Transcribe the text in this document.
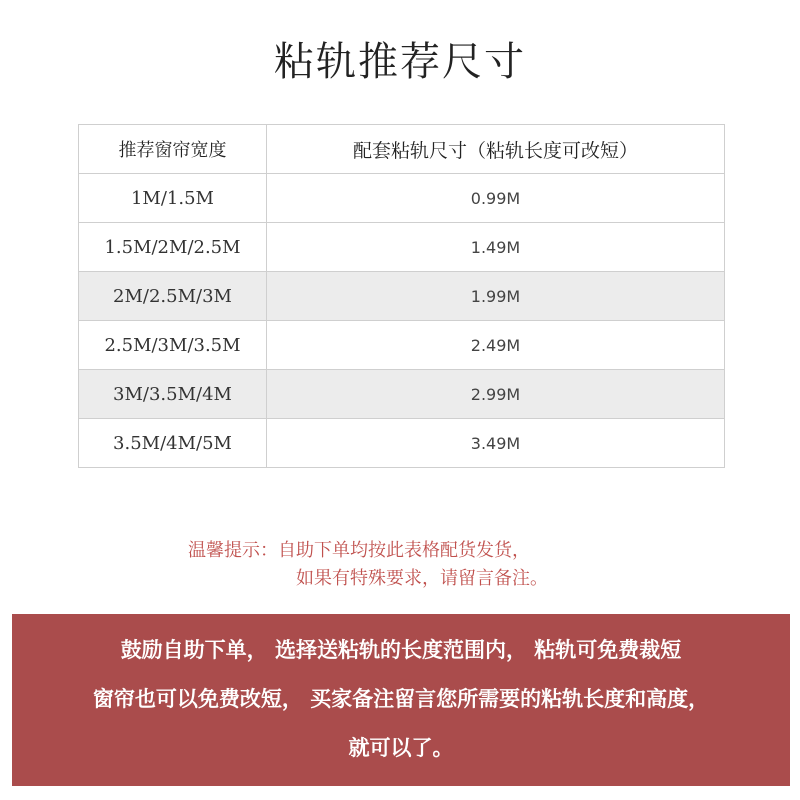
粘轨推荐尺寸
推荐窗帘宽度	配套粘轨尺寸（粘轨长度可改短）
1M/1.5M	0.99M
1.5M/2M/2.5M	1.49M
2M/2.5M/3M	1.99M
2.5M/3M/3.5M	2.49M
3M/3.5M/4M	2.99M
3.5M/4M/5M	3.49M
温馨提示：自助下单均按此表格配货发货，
如果有特殊要求，请留言备注。
鼓励自助下单， 选择送粘轨的长度范围内， 粘轨可免费裁短
窗帘也可以免费改短， 买家备注留言您所需要的粘轨长度和高度，
就可以了。
